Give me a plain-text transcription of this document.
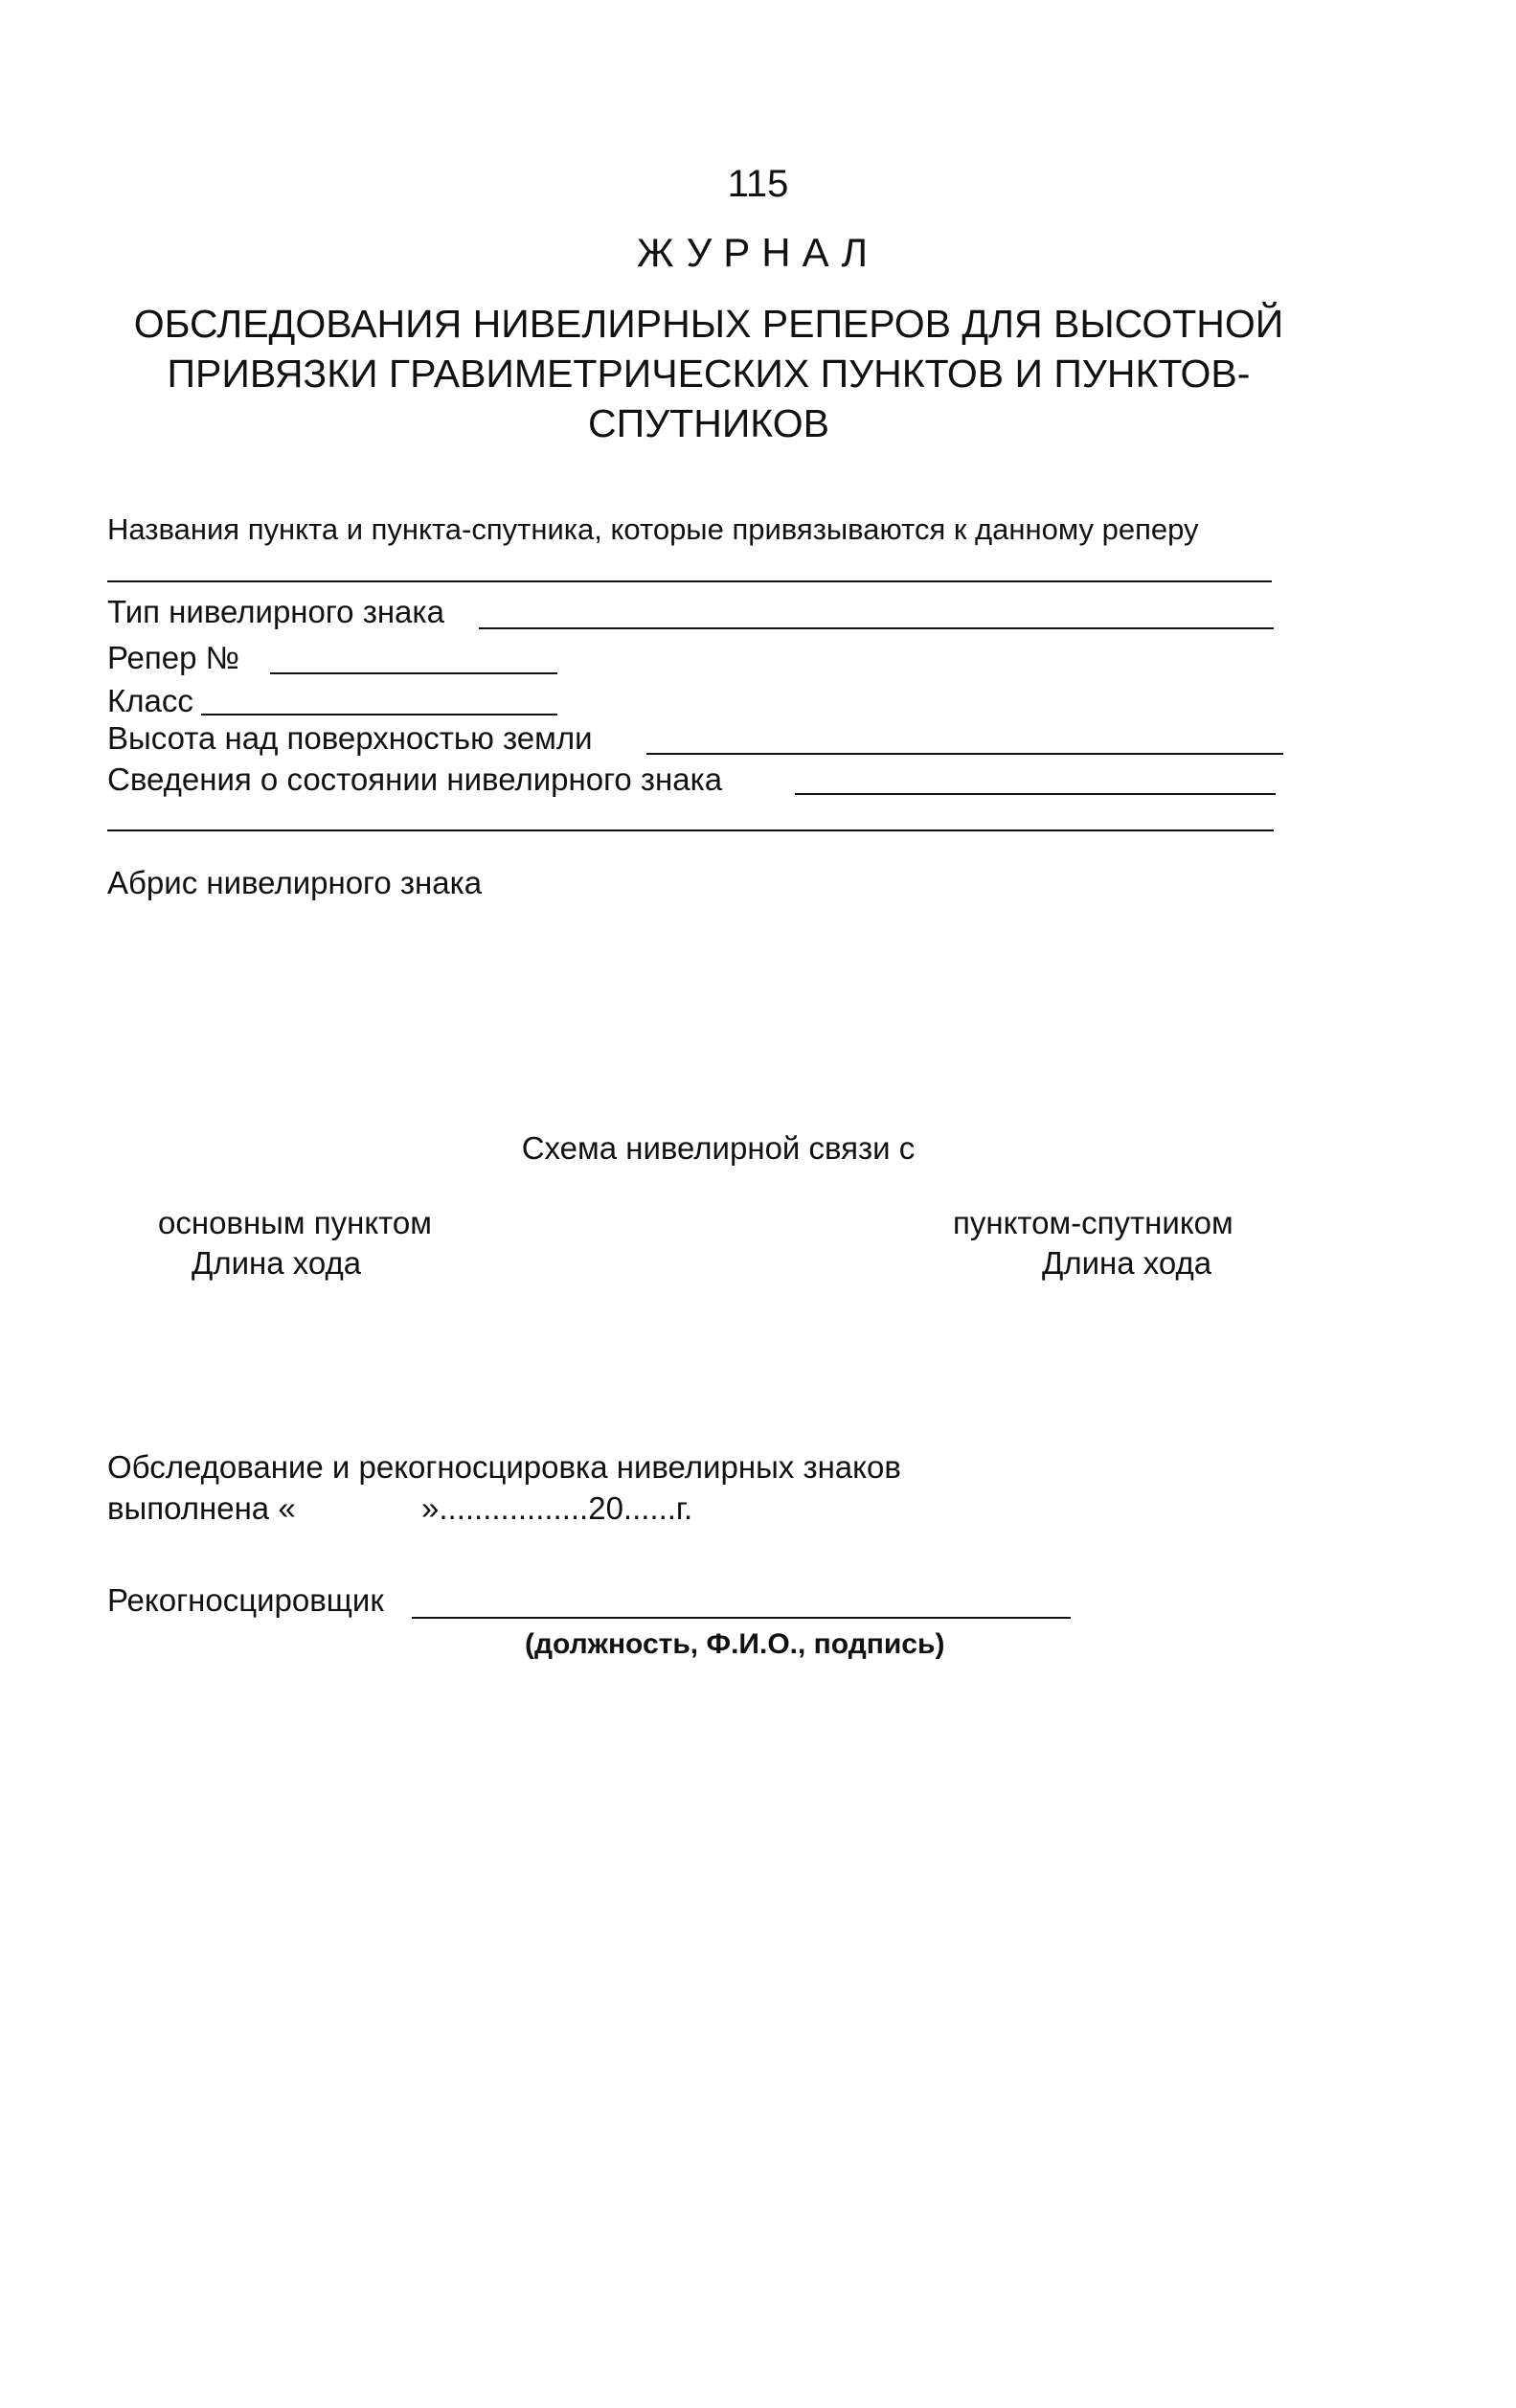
115
ЖУРНАЛ
ОБСЛЕДОВАНИЯ НИВЕЛИРНЫХ РЕПЕРОВ ДЛЯ ВЫСОТНОЙ
ПРИВЯЗКИ ГРАВИМЕТРИЧЕСКИХ ПУНКТОВ И ПУНКТОВ-
СПУТНИКОВ
Названия пункта и пункта-спутника, которые привязываются к данному реперу
Тип нивелирного знака
Репер №
Класс
Высота над поверхностью земли
Сведения о состоянии нивелирного знака
Абрис нивелирного знака
Схема нивелирной связи с
основным пунктом
Длина хода
пунктом-спутником
Длина хода
Обследование и рекогносцировка нивелирных знаков
выполнена «	».................20......г.
Рекогносцировщик
(должность, Ф.И.О., подпись)
